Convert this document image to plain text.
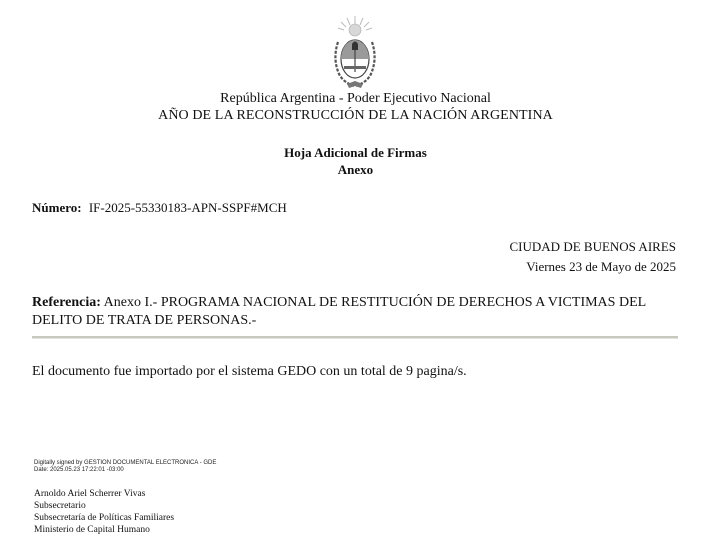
República Argentina - Poder Ejecutivo Nacional
AÑO DE LA RECONSTRUCCIÓN DE LA NACIÓN ARGENTINA
Hoja Adicional de Firmas
Anexo
Número: IF-2025-55330183-APN-SSPF#MCH
CIUDAD DE BUENOS AIRES
Viernes 23 de Mayo de 2025
Referencia: Anexo I.- PROGRAMA NACIONAL DE RESTITUCIÓN DE DERECHOS A VICTIMAS DEL DELITO DE TRATA DE PERSONAS.-
El documento fue importado por el sistema GEDO con un total de 9 pagina/s.
Digitally signed by GESTION DOCUMENTAL ELECTRONICA - GDE
Date: 2025.05.23 17:22:01 -03:00
Arnoldo Ariel Scherrer Vivas
Subsecretario
Subsecretaría de Políticas Familiares
Ministerio de Capital Humano
